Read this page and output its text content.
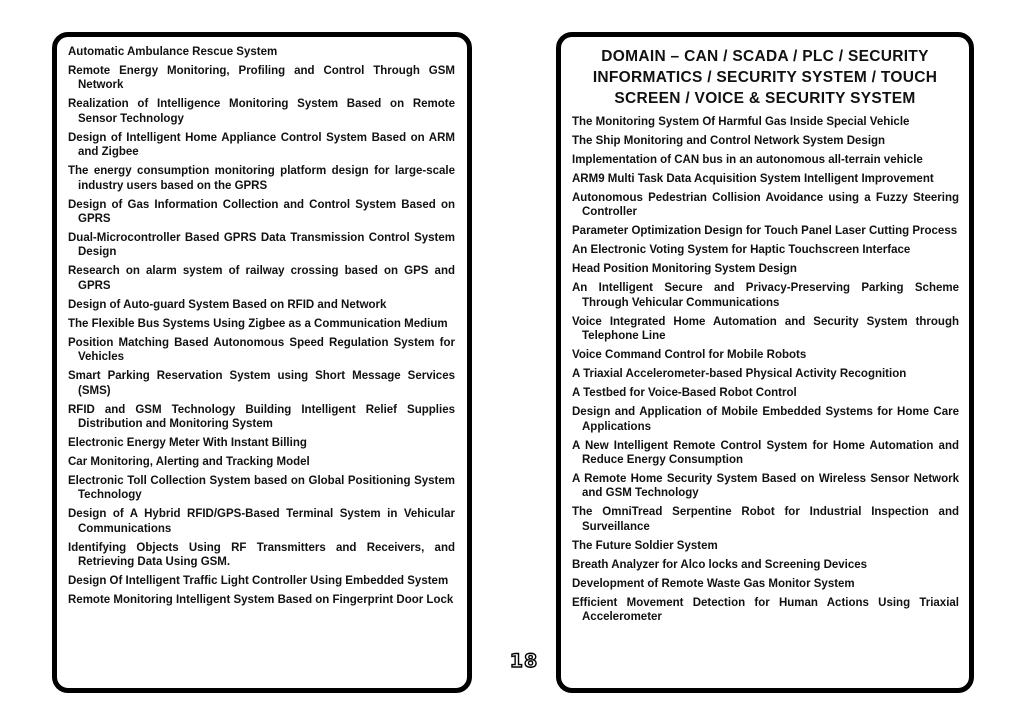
Automatic Ambulance Rescue System
Remote Energy Monitoring, Profiling and Control Through GSM Network
Realization of Intelligence Monitoring System Based on Remote Sensor Technology
Design of Intelligent Home Appliance Control System Based on ARM and Zigbee
The energy consumption monitoring platform design for large-scale industry users based on the GPRS
Design of Gas Information Collection and Control System Based on GPRS
Dual-Microcontroller Based GPRS Data Transmission Control System Design
Research on alarm system of railway crossing based on GPS and GPRS
Design of Auto-guard System Based on RFID and Network
The Flexible Bus Systems Using Zigbee as a Communication Medium
Position Matching Based Autonomous Speed Regulation System for Vehicles
Smart Parking Reservation System using Short Message Services (SMS)
RFID and GSM Technology Building Intelligent Relief Supplies Distribution and Monitoring System
Electronic Energy Meter With Instant Billing
Car Monitoring, Alerting and Tracking Model
Electronic Toll Collection System based on Global Positioning System Technology
Design of A Hybrid RFID/GPS-Based Terminal System in Vehicular Communications
Identifying Objects Using RF Transmitters and Receivers, and Retrieving Data Using GSM.
Design Of Intelligent Traffic Light Controller Using Embedded System
Remote Monitoring Intelligent System Based on Fingerprint Door Lock
18
DOMAIN – CAN / SCADA / PLC / SECURITY INFORMATICS / SECURITY SYSTEM / TOUCH SCREEN / VOICE & SECURITY SYSTEM
The Monitoring System Of Harmful Gas Inside Special Vehicle
The Ship Monitoring and Control Network System Design
Implementation of CAN bus in an autonomous all-terrain vehicle
ARM9 Multi Task Data Acquisition System Intelligent Improvement
Autonomous Pedestrian Collision Avoidance using a Fuzzy Steering Controller
Parameter Optimization Design for Touch Panel Laser Cutting Process
An Electronic Voting System for Haptic Touchscreen Interface
Head Position Monitoring System Design
An Intelligent Secure and Privacy-Preserving Parking Scheme Through Vehicular Communications
Voice Integrated Home Automation and Security System through Telephone Line
Voice Command Control for Mobile Robots
A Triaxial Accelerometer-based Physical Activity Recognition
A Testbed for Voice-Based Robot Control
Design and Application of Mobile Embedded Systems for Home Care Applications
A New Intelligent Remote Control System for Home Automation and Reduce Energy Consumption
A Remote Home Security System Based on Wireless Sensor Network and GSM Technology
The OmniTread Serpentine Robot for Industrial Inspection and Surveillance
The Future Soldier System
Breath Analyzer for Alco locks and Screening Devices
Development of Remote Waste Gas Monitor System
Efficient Movement Detection for Human Actions Using Triaxial Accelerometer
